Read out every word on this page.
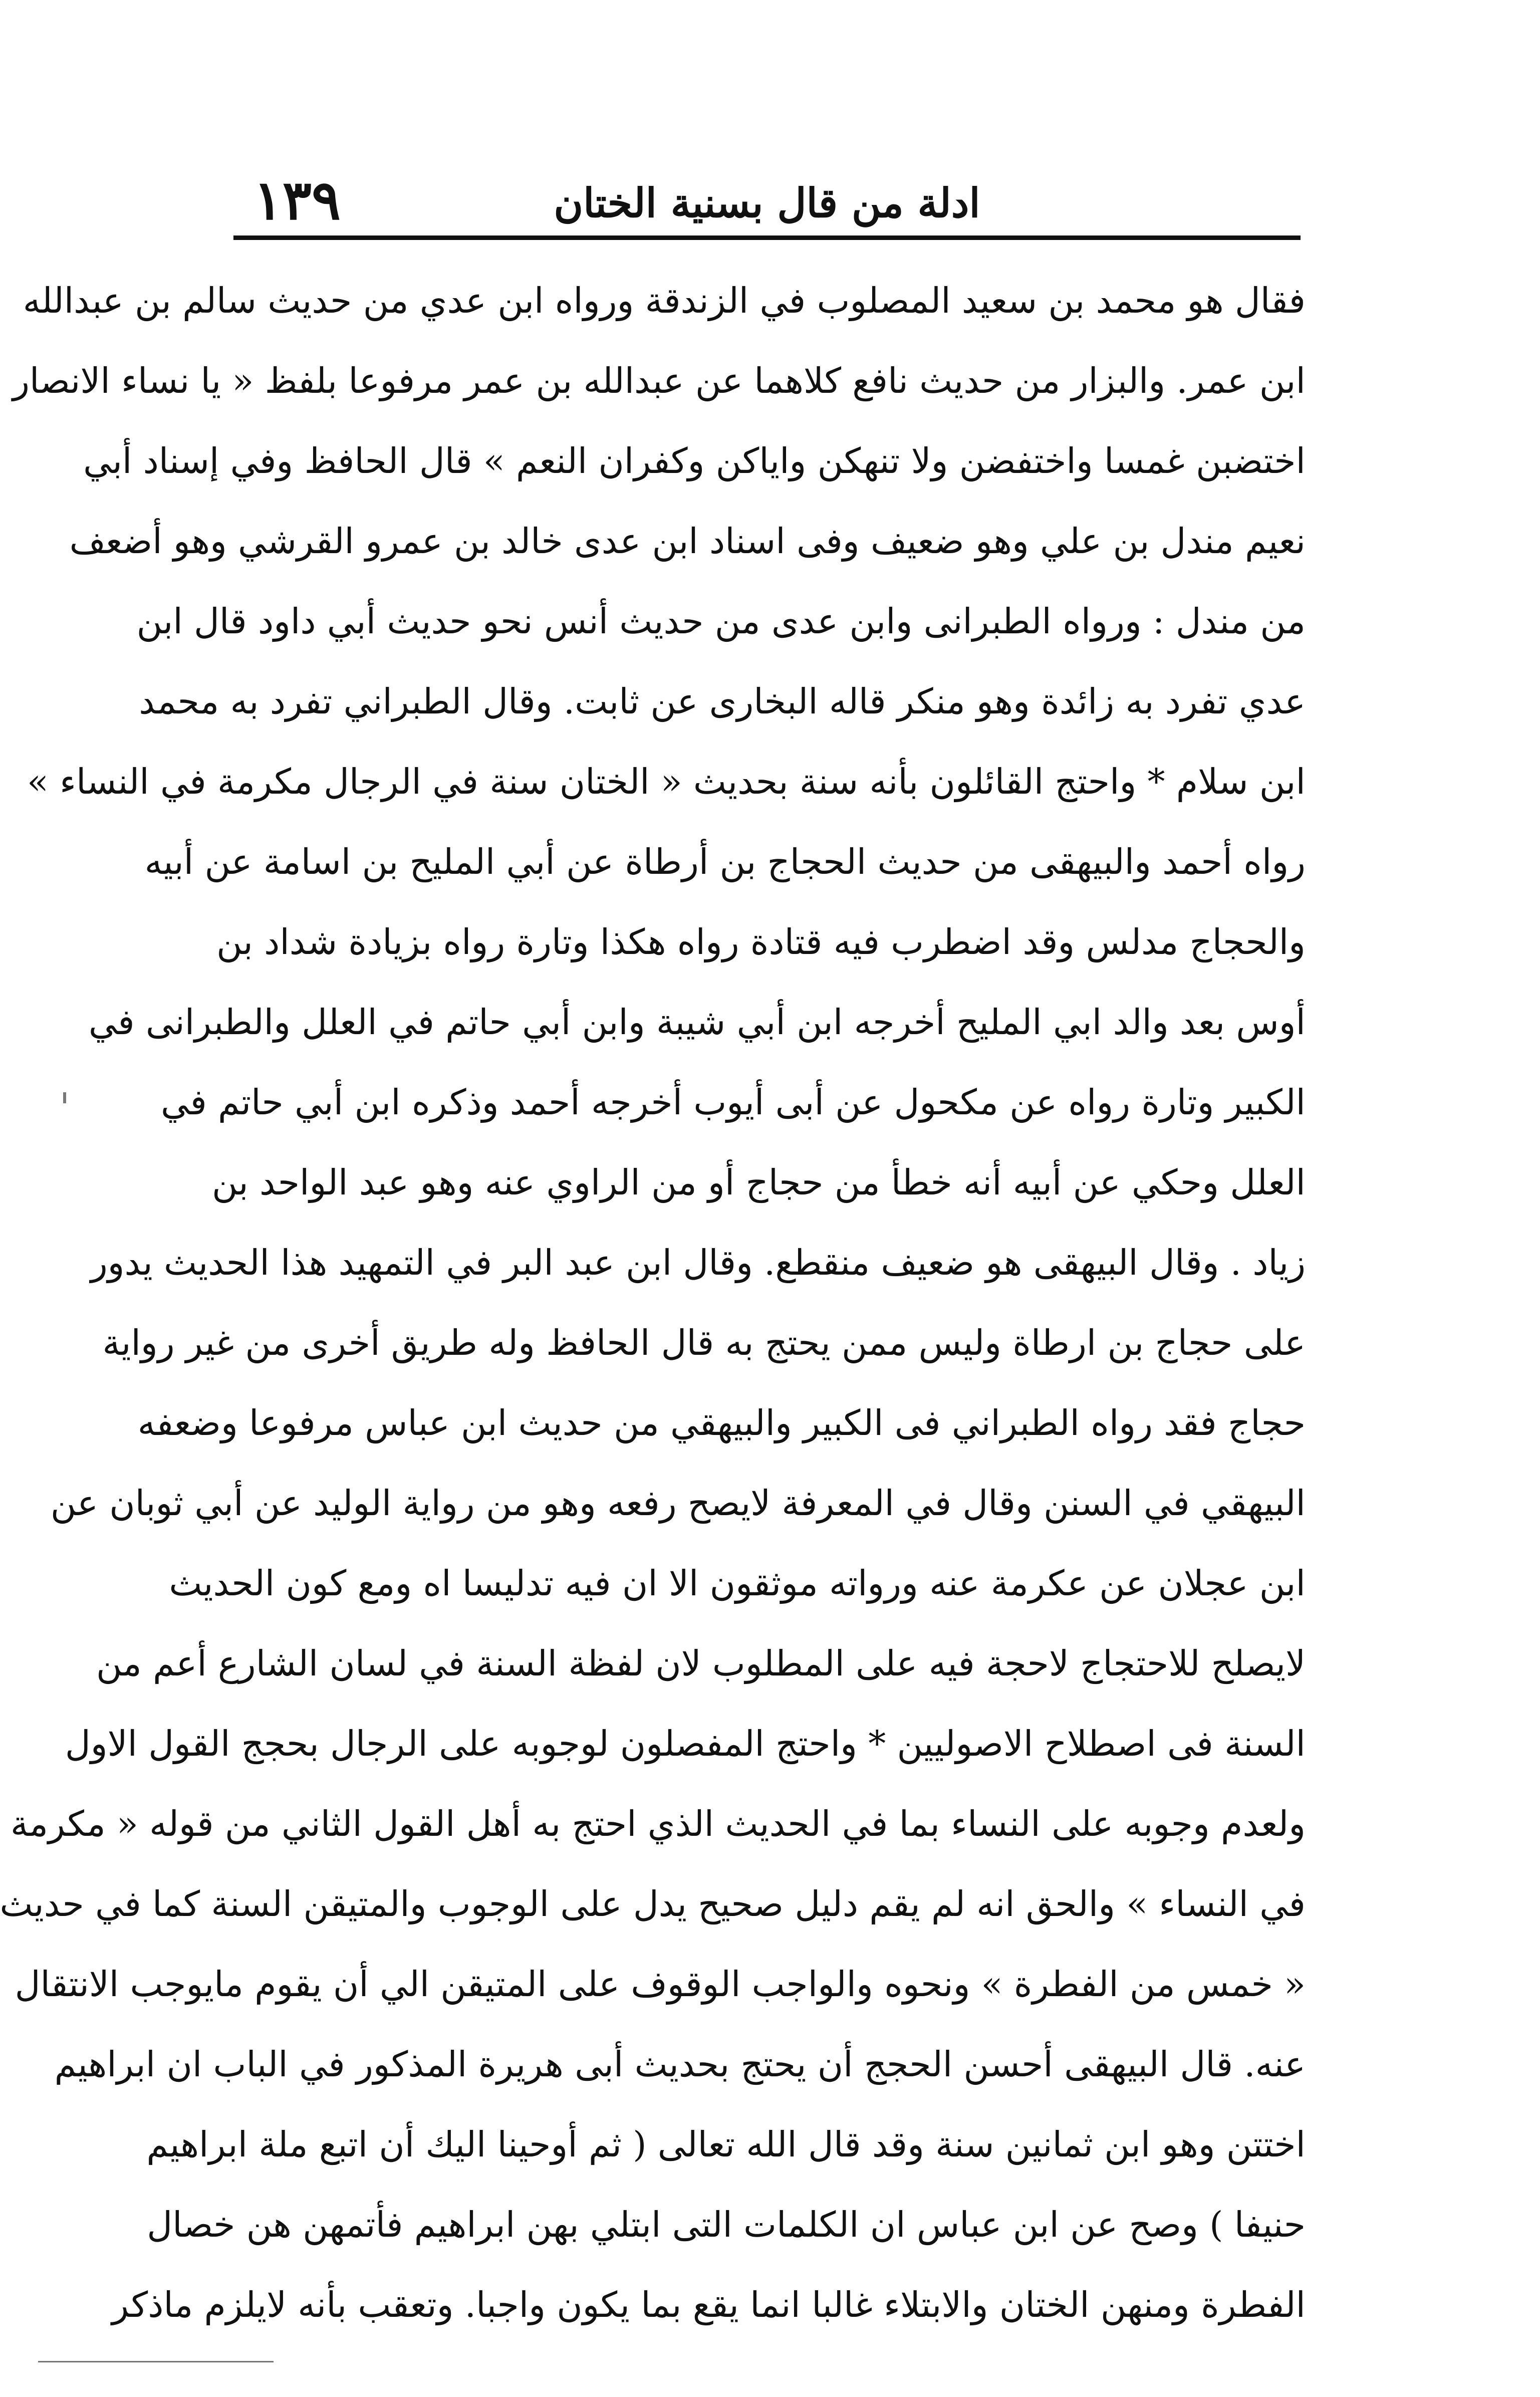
١٣٩	ادلة من قال بسنية الختان
فقال هو محمد بن سعيد المصلوب في الزندقة ورواه ابن عدي من حديث سالم بن عبدالله
ابن عمر. والبزار من حديث نافع كلاهما عن عبدالله بن عمر مرفوعا بلفظ « يا نساء الانصار
اختضبن غمسا واختفضن ولا تنهكن واياكن وكفران النعم » قال الحافظ وفي إسناد أبي
نعيم مندل بن علي وهو ضعيف وفى اسناد ابن عدى خالد بن عمرو القرشي وهو أضعف
من مندل : ورواه الطبرانى وابن عدى من حديث أنس نحو حديث أبي داود قال ابن
عدي تفرد به زائدة وهو منكر قاله البخارى عن ثابت. وقال الطبراني تفرد به محمد
ابن سلام * واحتج القائلون بأنه سنة بحديث « الختان سنة في الرجال مكرمة في النساء »
رواه أحمد والبيهقى من حديث الحجاج بن أرطاة عن أبي المليح بن اسامة عن أبيه
والحجاج مدلس وقد اضطرب فيه قتادة رواه هكذا وتارة رواه بزيادة شداد بن
أوس بعد والد ابي المليح أخرجه ابن أبي شيبة وابن أبي حاتم في العلل والطبرانى في
الكبير وتارة رواه عن مكحول عن أبى أيوب أخرجه أحمد وذكره ابن أبي حاتم في
العلل وحكي عن أبيه أنه خطأ من حجاج أو من الراوي عنه وهو عبد الواحد بن
زياد . وقال البيهقى هو ضعيف منقطع. وقال ابن عبد البر في التمهيد هذا الحديث يدور
على حجاج بن ارطاة وليس ممن يحتج به قال الحافظ وله طريق أخرى من غير رواية
حجاج فقد رواه الطبراني فى الكبير والبيهقي من حديث ابن عباس مرفوعا وضعفه
البيهقي في السنن وقال في المعرفة لايصح رفعه وهو من رواية الوليد عن أبي ثوبان عن
ابن عجلان عن عكرمة عنه ورواته موثقون الا ان فيه تدليسا اه ومع كون الحديث
لايصلح للاحتجاج لاحجة فيه على المطلوب لان لفظة السنة في لسان الشارع أعم من
السنة فى اصطلاح الاصوليين * واحتج المفصلون لوجوبه على الرجال بحجج القول الاول
ولعدم وجوبه على النساء بما في الحديث الذي احتج به أهل القول الثاني من قوله « مكرمة
في النساء » والحق انه لم يقم دليل صحيح يدل على الوجوب والمتيقن السنة كما في حديث
« خمس من الفطرة » ونحوه والواجب الوقوف على المتيقن الي أن يقوم مايوجب الانتقال
عنه. قال البيهقى أحسن الحجج أن يحتج بحديث أبى هريرة المذكور في الباب ان ابراهيم
اختتن وهو ابن ثمانين سنة وقد قال الله تعالى ( ثم أوحينا اليك أن اتبع ملة ابراهيم
حنيفا ) وصح عن ابن عباس ان الكلمات التى ابتلي بهن ابراهيم فأتمهن هن خصال
الفطرة ومنهن الختان والابتلاء غالبا انما يقع بما يكون واجبا. وتعقب بأنه لايلزم ماذكر
